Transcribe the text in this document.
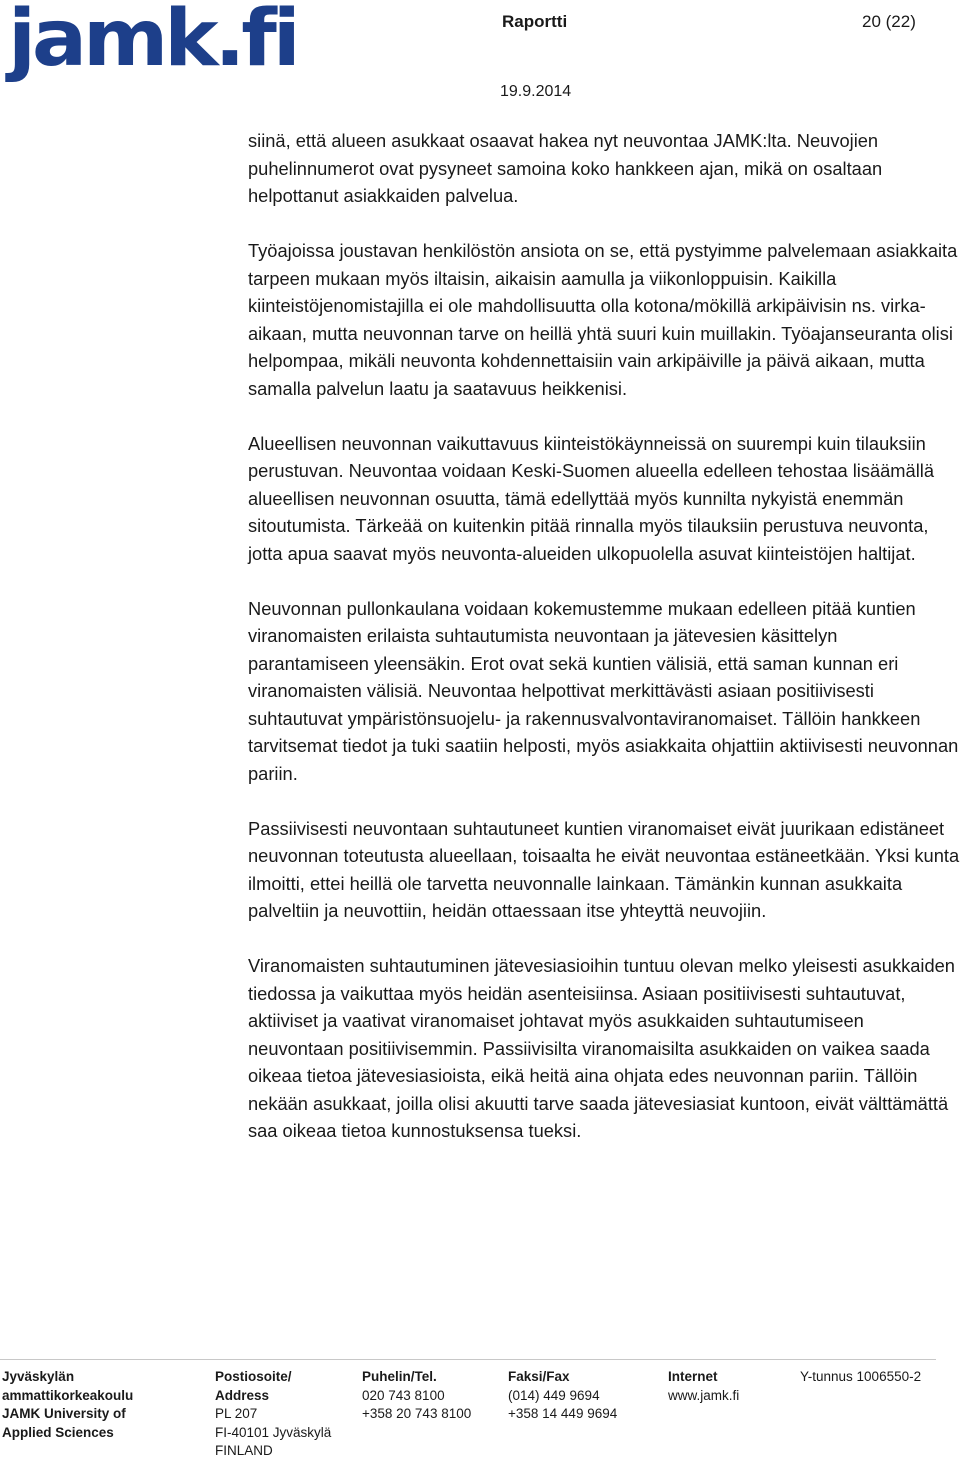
jamk.fi	Raportti	20 (22)
19.9.2014

siinä, että alueen asukkaat osaavat hakea nyt neuvontaa JAMK:lta. Neuvojien puhelinnumerot ovat pysyneet samoina koko hankkeen ajan, mikä on osaltaan helpottanut asiakkaiden palvelua.

Työajoissa joustavan henkilöstön ansiota on se, että pystyimme palvelemaan asiakkaita tarpeen mukaan myös iltaisin, aikaisin aamulla ja viikonloppuisin. Kaikilla kiinteistöjenomistajilla ei ole mahdollisuutta olla kotona/mökillä arkipäivisin ns. virka-aikaan, mutta neuvonnan tarve on heillä yhtä suuri kuin muillakin. Työajanseuranta olisi helpompaa, mikäli neuvonta kohdennettaisiin vain arkipäiville ja päivä aikaan, mutta samalla palvelun laatu ja saatavuus heikkenisi.

Alueellisen neuvonnan vaikuttavuus kiinteistökäynneissä on suurempi kuin tilauksiin perustuvan. Neuvontaa voidaan Keski-Suomen alueella edelleen tehostaa lisäämällä alueellisen neuvonnan osuutta, tämä edellyttää myös kunnilta nykyistä enemmän sitoutumista. Tärkeää on kuitenkin pitää rinnalla myös tilauksiin perustuva neuvonta, jotta apua saavat myös neuvonta-alueiden ulkopuolella asuvat kiinteistöjen haltijat.

Neuvonnan pullonkaulana voidaan kokemustemme mukaan edelleen pitää kuntien viranomaisten erilaista suhtautumista neuvontaan ja jätevesien käsittelyn parantamiseen yleensäkin. Erot ovat sekä kuntien välisiä, että saman kunnan eri viranomaisten välisiä. Neuvontaa helpottivat merkittävästi asiaan positiivisesti suhtautuvat ympäristönsuojelu- ja rakennusvalvontaviranomaiset. Tällöin hankkeen tarvitsemat tiedot ja tuki saatiin helposti, myös asiakkaita ohjattiin aktiivisesti neuvonnan pariin.

Passiivisesti neuvontaan suhtautuneet kuntien viranomaiset eivät juurikaan edistäneet neuvonnan toteutusta alueellaan, toisaalta he eivät neuvontaa estäneetkään. Yksi kunta ilmoitti, ettei heillä ole tarvetta neuvonnalle lainkaan. Tämänkin kunnan asukkaita palveltiin ja neuvottiin, heidän ottaessaan itse yhteyttä neuvojiin.

Viranomaisten suhtautuminen jätevesiasioihin tuntuu olevan melko yleisesti asukkaiden tiedossa ja vaikuttaa myös heidän asenteisiinsa. Asiaan positiivisesti suhtautuvat, aktiiviset ja vaativat viranomaiset johtavat myös asukkaiden suhtautumiseen neuvontaan positiivisemmin. Passiivisilta viranomaisilta asukkaiden on vaikea saada oikeaa tietoa jätevesiasioista, eikä heitä aina ohjata edes neuvonnan pariin. Tällöin nekään asukkaat, joilla olisi akuutti tarve saada jätevesiasiat kuntoon, eivät välttämättä saa oikeaa tietoa kunnostuksensa tueksi.

Jyväskylän
ammattikorkeakoulu
JAMK University of
Applied Sciences
Postiosoite/
Address
PL 207
FI-40101 Jyväskylä
FINLAND
Puhelin/Tel.
020 743 8100
+358 20 743 8100
Faksi/Fax
(014) 449 9694
+358 14 449 9694
Internet
www.jamk.fi
Y-tunnus 1006550-2
